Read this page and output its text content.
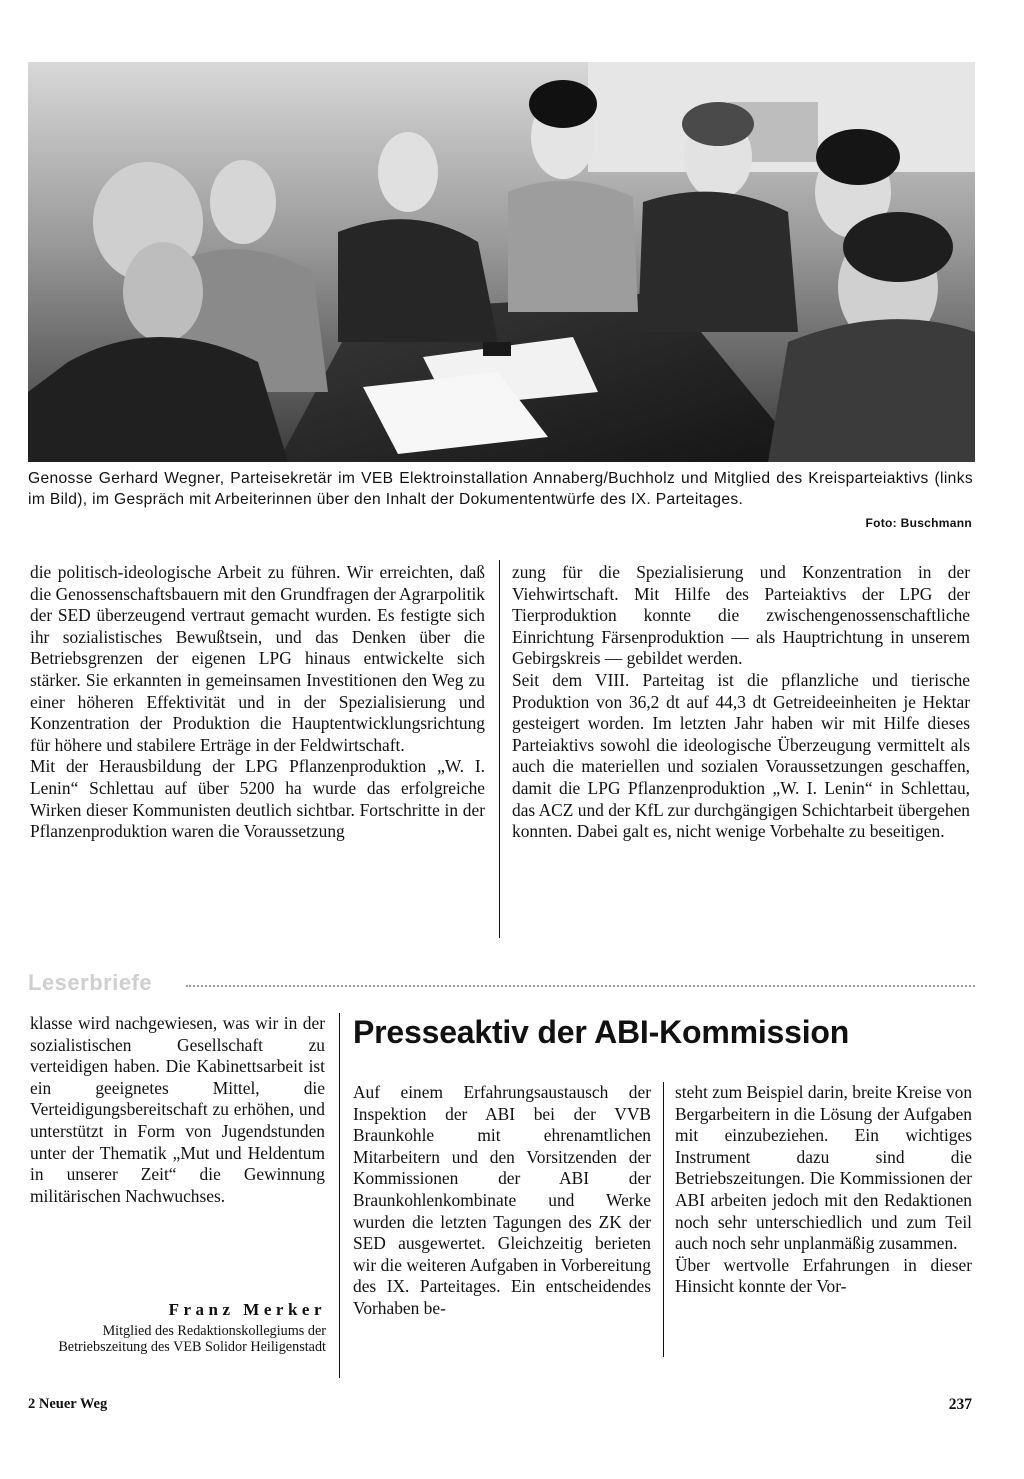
Genosse Gerhard Wegner, Parteisekretär im VEB Elektroinstallation Annaberg/Buchholz und Mitglied des Kreisparteiaktivs (links im Bild), im Gespräch mit Arbeiterinnen über den Inhalt der Dokumententwürfe des IX. Parteitages.
Foto: Buschmann

die politisch-ideologische Arbeit zu führen. Wir erreichten, daß die Genossenschaftsbauern mit den Grundfragen der Agrarpolitik der SED überzeugend vertraut gemacht wurden. Es festigte sich ihr sozialistisches Bewußtsein, und das Denken über die Betriebsgrenzen der eigenen LPG hinaus entwickelte sich stärker. Sie erkannten in gemeinsamen Investitionen den Weg zu einer höheren Effektivität und in der Spezialisierung und Konzentration der Produktion die Hauptentwicklungsrichtung für höhere und stabilere Erträge in der Feldwirtschaft.

Mit der Herausbildung der LPG Pflanzenproduktion „W. I. Lenin“ Schlettau auf über 5200 ha wurde das erfolgreiche Wirken dieser Kommunisten deutlich sichtbar. Fortschritte in der Pflanzenproduktion waren die Voraussetzung

zung für die Spezialisierung und Konzentration in der Viehwirtschaft. Mit Hilfe des Parteiaktivs der LPG der Tierproduktion konnte die zwischengenossenschaftliche Einrichtung Färsenproduktion — als Hauptrichtung in unserem Gebirgskreis — gebildet werden.

Seit dem VIII. Parteitag ist die pflanzliche und tierische Produktion von 36,2 dt auf 44,3 dt Getreideeinheiten je Hektar gesteigert worden. Im letzten Jahr haben wir mit Hilfe dieses Parteiaktivs sowohl die ideologische Überzeugung vermittelt als auch die materiellen und sozialen Voraussetzungen geschaffen, damit die LPG Pflanzenproduktion „W. I. Lenin“ in Schlettau, das ACZ und der KfL zur durchgängigen Schichtarbeit übergehen konnten. Dabei galt es, nicht wenige Vorbehalte zu beseitigen.

Leserbriefe

klasse wird nachgewiesen, was wir in der sozialistischen Gesellschaft zu verteidigen haben. Die Kabinettsarbeit ist ein geeignetes Mittel, die Verteidigungsbereitschaft zu erhöhen, und unterstützt in Form von Jugendstunden unter der Thematik „Mut und Heldentum in unserer Zeit“ die Gewinnung militärischen Nachwuchses.

Franz Merker
Mitglied des Redaktionskollegiums der Betriebszeitung des VEB Solidor Heiligenstadt
Presseaktiv der ABI-Kommission

Auf einem Erfahrungsaustausch der Inspektion der ABI bei der VVB Braunkohle mit ehrenamtlichen Mitarbeitern und den Vorsitzenden der Kommissionen der ABI der Braunkohlenkombinate und Werke wurden die letzten Tagungen des ZK der SED ausgewertet. Gleichzeitig berieten wir die weiteren Aufgaben in Vorbereitung des IX. Parteitages. Ein entscheidendes Vorhaben be-

steht zum Beispiel darin, breite Kreise von Bergarbeitern in die Lösung der Aufgaben mit einzubeziehen. Ein wichtiges Instrument dazu sind die Betriebszeitungen. Die Kommissionen der ABI arbeiten jedoch mit den Redaktionen noch sehr unterschiedlich und zum Teil auch noch sehr unplanmäßig zusammen.

Über wertvolle Erfahrungen in dieser Hinsicht konnte der Vor-

2 Neuer Weg	237
